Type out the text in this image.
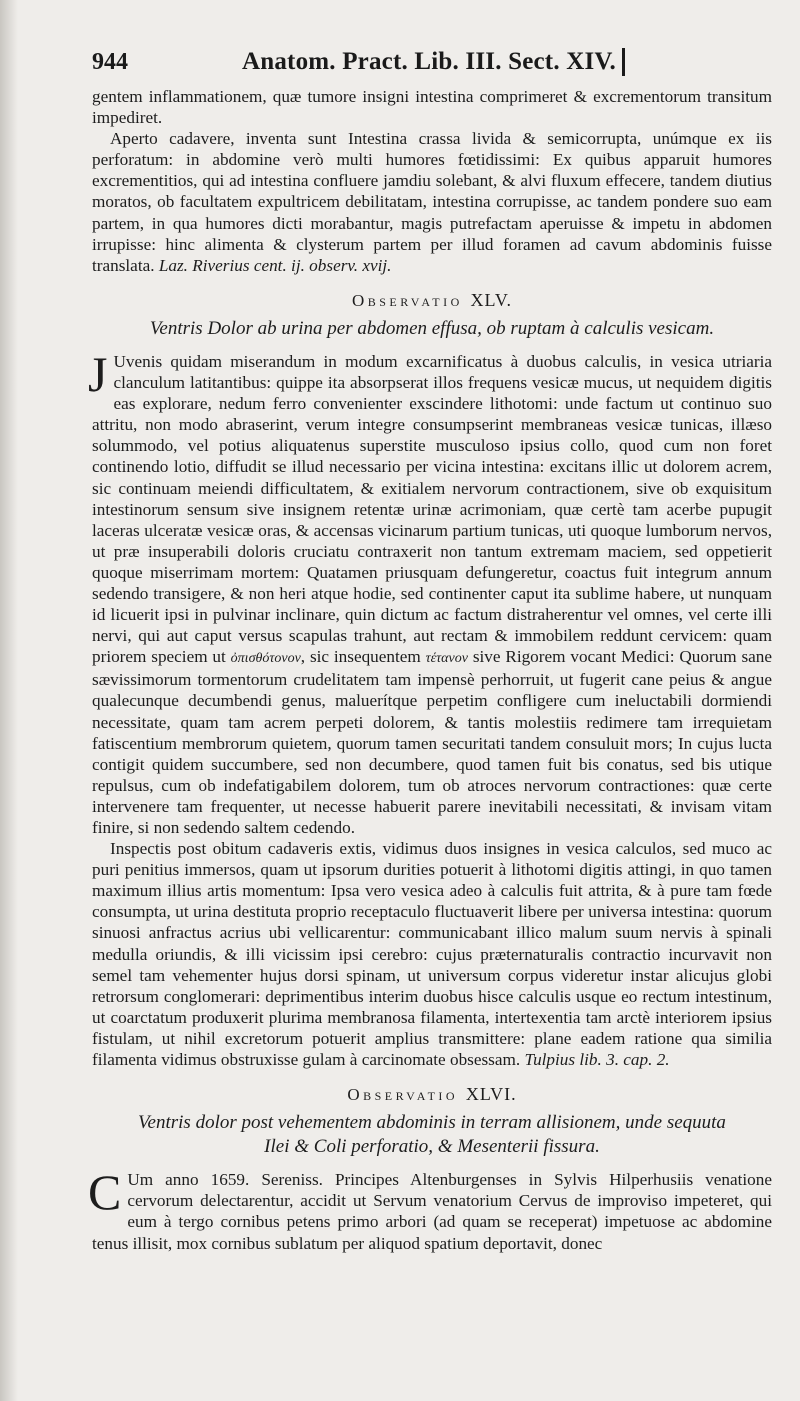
944	Anatom. Pract. Lib. III. Sect. XIV.

gentem inflammationem, quæ tumore insigni intestina comprimeret & excrementorum transitum impediret.

Aperto cadavere, inventa sunt Intestina crassa livida & semicorrupta, unúmque ex iis perforatum: in abdomine verò multi humores fœtidissimi: Ex quibus apparuit humores excrementitios, qui ad intestina confluere jamdiu solebant, & alvi fluxum effecere, tandem diutius moratos, ob facultatem expultricem debilitatam, intestina corrupisse, ac tandem pondere suo eam partem, in qua humores dicti morabantur, magis putrefactam aperuisse & impetu in abdomen irrupisse: hinc alimenta & clysterum partem per illud foramen ad cavum abdominis fuisse translata. Laz. Riverius cent. ij. observ. xvij.

Observatio XLV.
Ventris Dolor ab urina per abdomen effusa, ob ruptam à calculis vesicam.

J Uvenis quidam miserandum in modum excarnificatus à duobus calculis, in vesica utriaria clanculum latitantibus: quippe ita absorpserat illos frequens vesicæ mucus, ut nequidem digitis eas explorare, nedum ferro convenienter exscindere lithotomi: unde factum ut continuo suo attritu, non modo abraserint, verum integre consumpserint membraneas vesicæ tunicas, illæso solummodo, vel potius aliquatenus superstite musculoso ipsius collo, quod cum non foret continendo lotio, diffudit se illud necessario per vicina intestina: excitans illic ut dolorem acrem, sic continuam meiendi difficultatem, & exitialem nervorum contractionem, sive ob exquisitum intestinorum sensum sive insignem retentæ urinæ acrimoniam, quæ certè tam acerbe pupugit laceras ulceratæ vesicæ oras, & accensas vicinarum partium tunicas, uti quoque lumborum nervos, ut præ insuperabili doloris cruciatu contraxerit non tantum extremam maciem, sed oppetierit quoque miserrimam mortem: Quatamen priusquam defungeretur, coactus fuit integrum annum sedendo transigere, & non heri atque hodie, sed continenter caput ita sublime habere, ut nunquam id licuerit ipsi in pulvinar inclinare, quin dictum ac factum distraherentur vel omnes, vel certe illi nervi, qui aut caput versus scapulas trahunt, aut rectam & immobilem reddunt cervicem: quam priorem speciem ut ὀπισθότονον, sic insequentem τέτανον sive Rigorem vocant Medici: Quorum sane sævissimorum tormentorum crudelitatem tam impensè perhorruit, ut fugerit cane peius & angue qualecunque decumbendi genus, maluerítque perpetim confligere cum ineluctabili dormiendi necessitate, quam tam acrem perpeti dolorem, & tantis molestiis redimere tam irrequietam fatiscentium membrorum quietem, quorum tamen securitati tandem consuluit mors; In cujus lucta contigit quidem succumbere, sed non decumbere, quod tamen fuit bis conatus, sed bis utique repulsus, cum ob indefatigabilem dolorem, tum ob atroces nervorum contractiones: quæ certe intervenere tam frequenter, ut necesse habuerit parere inevitabili necessitati, & invisam vitam finire, si non sedendo saltem cedendo.

Inspectis post obitum cadaveris extis, vidimus duos insignes in vesica calculos, sed muco ac puri penitius immersos, quam ut ipsorum durities potuerit à lithotomi digitis attingi, in quo tamen maximum illius artis momentum: Ipsa vero vesica adeo à calculis fuit attrita, & à pure tam fœde consumpta, ut urina destituta proprio receptaculo fluctuaverit libere per universa intestina: quorum sinuosi anfractus acrius ubi vellicarentur: communicabant illico malum suum nervis à spinali medulla oriundis, & illi vicissim ipsi cerebro: cujus præternaturalis contractio incurvavit non semel tam vehementer hujus dorsi spinam, ut universum corpus videretur instar alicujus globi retrorsum conglomerari: deprimentibus interim duobus hisce calculis usque eo rectum intestinum, ut coarctatum produxerit plurima membranosa filamenta, intertexentia tam arctè interiorem ipsius fistulam, ut nihil excretorum potuerit amplius transmittere: plane eadem ratione qua similia filamenta vidimus obstruxisse gulam à carcinomate obsessam. Tulpius lib. 3. cap. 2.

Observatio XLVI.
Ventris dolor post vehementem abdominis in terram allisionem, unde sequuta
Ilei & Coli perforatio, & Mesenterii fissura.

C Um anno 1659. Sereniss. Principes Altenburgenses in Sylvis Hilperhusiis venatione cervorum delectarentur, accidit ut Servum venatorium Cervus de improviso impeteret, qui eum à tergo cornibus petens primo arbori (ad quam se receperat) impetuose ac abdomine tenus illisit, mox cornibus sublatum per aliquod spatium deportavit, donec
